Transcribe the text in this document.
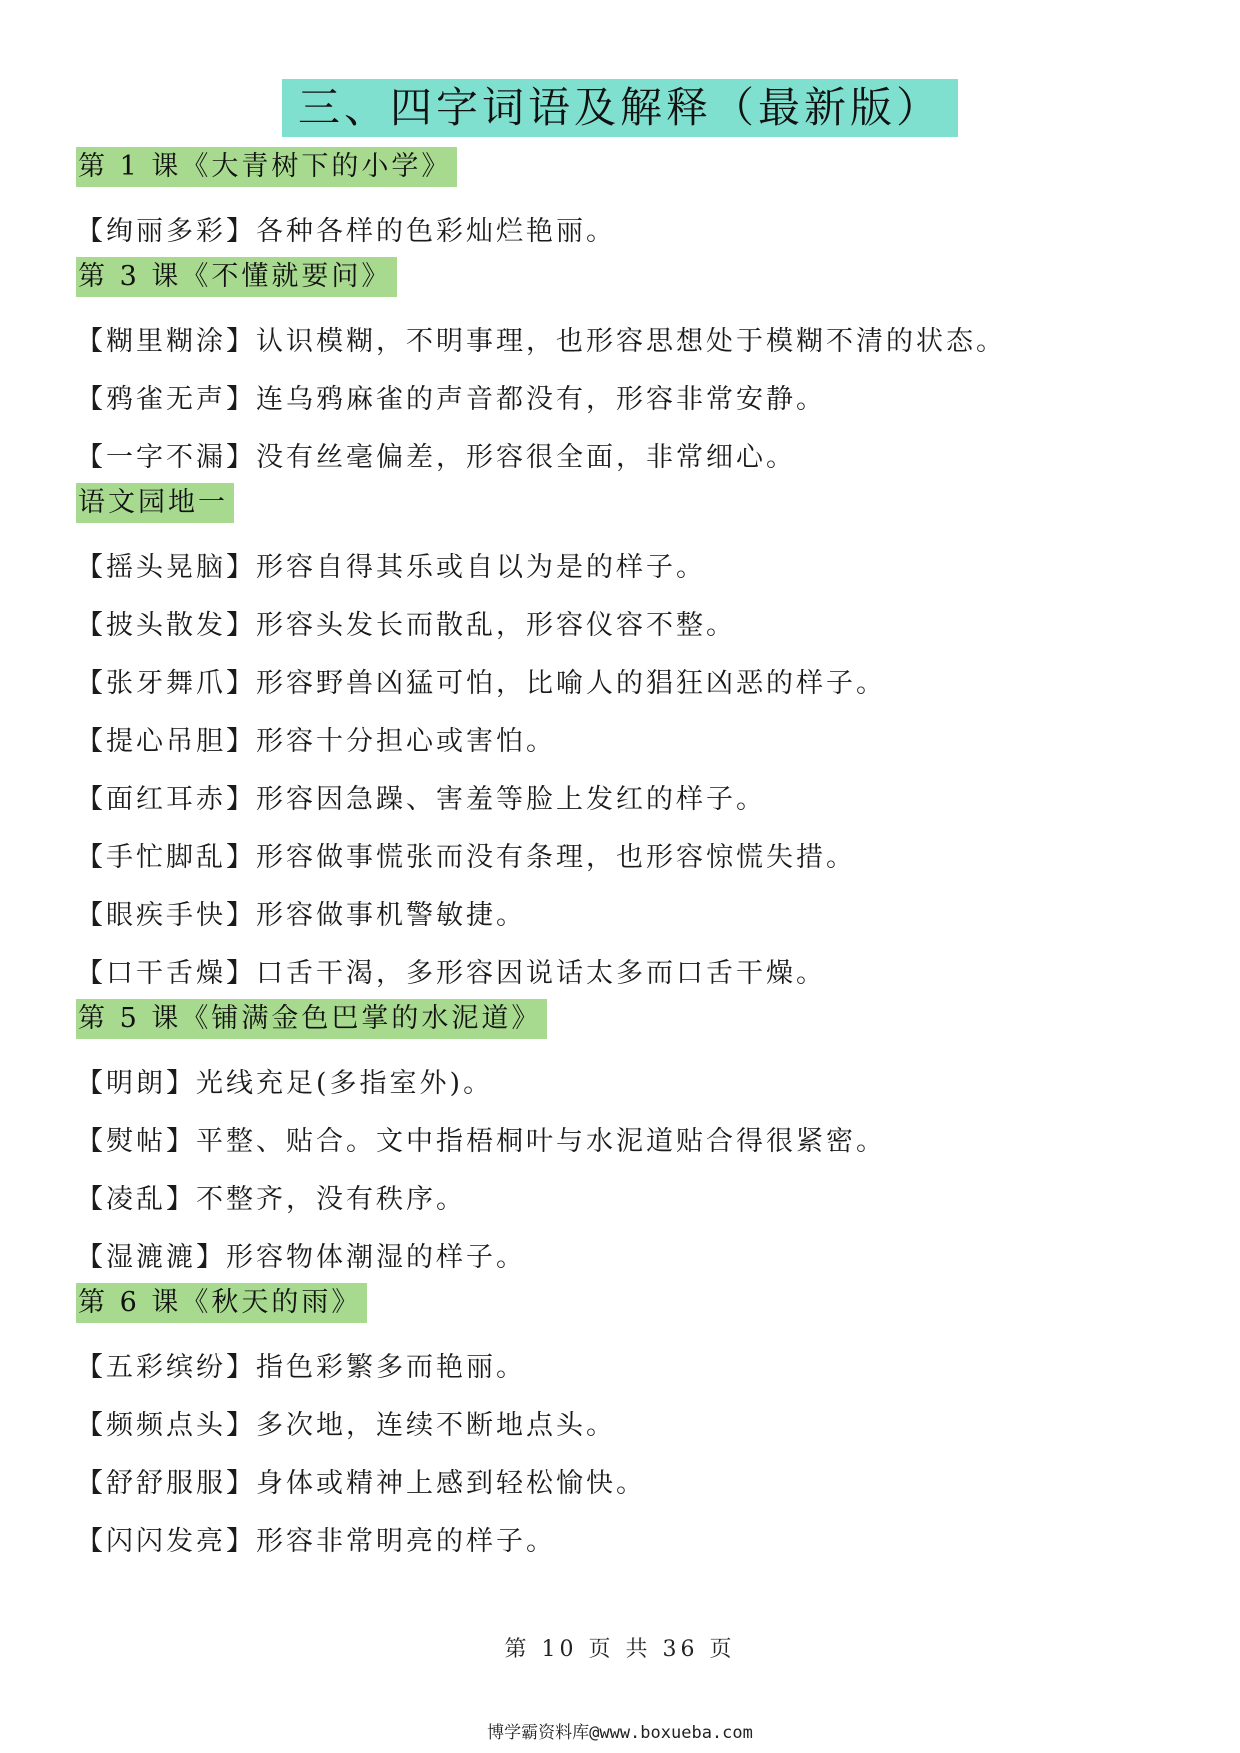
三、四字词语及解释（最新版）
第 1 课《大青树下的小学》
【绚丽多彩】各种各样的色彩灿烂艳丽。
第 3 课《不懂就要问》
【糊里糊涂】认识模糊，不明事理，也形容思想处于模糊不清的状态。
【鸦雀无声】连乌鸦麻雀的声音都没有，形容非常安静。
【一字不漏】没有丝毫偏差，形容很全面，非常细心。
语文园地一
【摇头晃脑】形容自得其乐或自以为是的样子。
【披头散发】形容头发长而散乱，形容仪容不整。
【张牙舞爪】形容野兽凶猛可怕，比喻人的猖狂凶恶的样子。
【提心吊胆】形容十分担心或害怕。
【面红耳赤】形容因急躁、害羞等脸上发红的样子。
【手忙脚乱】形容做事慌张而没有条理，也形容惊慌失措。
【眼疾手快】形容做事机警敏捷。
【口干舌燥】口舌干渴，多形容因说话太多而口舌干燥。
第 5 课《铺满金色巴掌的水泥道》
【明朗】光线充足(多指室外)。
【熨帖】平整、贴合。文中指梧桐叶与水泥道贴合得很紧密。
【凌乱】不整齐，没有秩序。
【湿漉漉】形容物体潮湿的样子。
第 6 课《秋天的雨》
【五彩缤纷】指色彩繁多而艳丽。
【频频点头】多次地，连续不断地点头。
【舒舒服服】身体或精神上感到轻松愉快。
【闪闪发亮】形容非常明亮的样子。
第 10 页 共 36 页
博学霸资料库@www.boxueba.com
